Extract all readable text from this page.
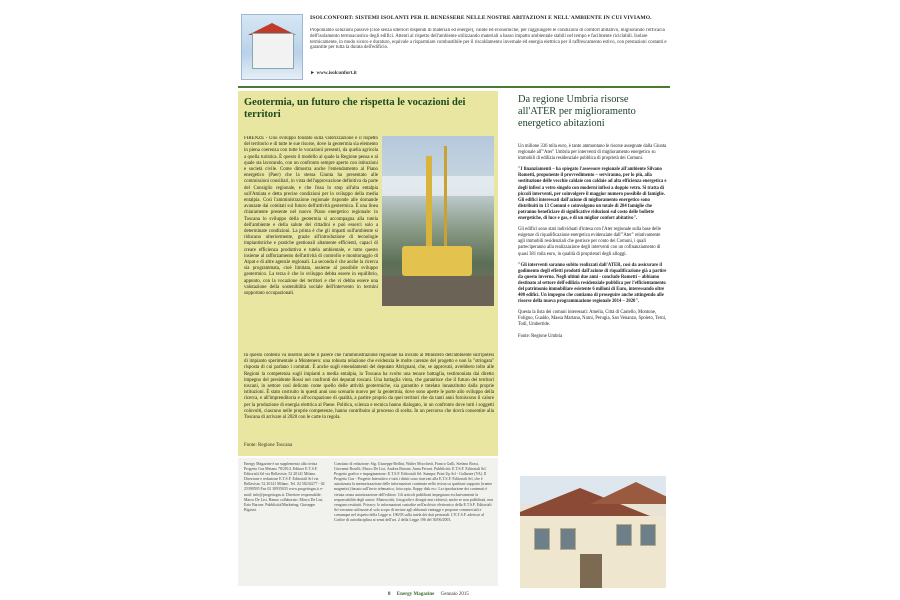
ISOLCONFORT: SISTEMI ISOLANTI PER IL BENESSERE NELLE NOSTRE ABITAZIONI E NELL'AMBIENTE IN CUI VIVIAMO.
Proponiamo soluzioni passive (cioè senza ulteriori dispendi di materiali ed energie), valide ed economiche, per raggiungere le condizioni di comfort abitativo, migliorando l'efficacia dell'isolamento termoacustico degli edifici. Attenti al rispetto dell'ambiente utilizzando materiali a basso impatto ambientale stabili nel tempo e facilmente riciclabili. Isolare termicamente, in modo sicuro e duraturo, equivale a risparmiare combustibile per il riscaldamento invernale ed energia elettrica per il raffrescamento estivo, con prestazioni costanti e garantite per tutta la durata dell'edificio.
► www.isolconfort.it
Geotermia, un futuro che rispetta le vocazioni dei territori
FIRENZE - Uno sviluppo fondato sulla valorizzazione e il rispetto del territorio e di tutte le sue risorse, dove la geotermia sia elemento in piena coerenza con tutte le vocazioni presenti, da quella agricola a quella turistica. È questo il modello al quale la Regione pensa e al quale sta lavorando, con un confronto sempre aperto con istituzioni e società civile. Come dimostra anche l'emendamento al Piano energetico (Paer) che la stessa Giunta ha presentato alle commissioni consiliari, in vista dell'approvazione definitiva da parte del Consiglio regionale, e che fissa lo stop all'alta entalpia sull'Amiata e detta precise condizioni per lo sviluppo della media entalpia. Così l'amministrazione regionale risponde alle domande avanzate dai comitati sul futuro dell'attività geotermica. È una linea chiaramente presente nel nuovo Piano energetico regionale: in Toscana lo sviluppo della geotermia si accompagna alla tutela dell'ambiente e della salute dei cittadini e può esserci solo a determinate condizioni. La prima è che gli impatti sull'ambiente si riducano ulteriormente, grazie all'introduzione di tecnologie impiantistiche e pratiche gestionali altamente efficienti, capaci di creare efficienza produttiva e tutela ambientale, e tutto questo insieme al rafforzamento dell'attività di controllo e monitoraggio di Arpat e di altre agenzie regionali. La seconda è che anche la ricerca sia programmata, cioè limitata, assieme al possibile sviluppo geotermico. La terza è che lo sviluppo debba essere in equilibrio, appunto, con la vocazione dei territori e che vi debba essere una valutazione della sostenibilità sociale dell'intervento in termini sopportato occupazionali.
In questo contesto va inserito anche il parere che l'amministrazione regionale ha inviato al Ministero dell'ambiente sull'ipotesi di impianto sperimentale a Montenero: una robusta relazione che evidenzia le molte carenze del progetto e non la "stringata" risposta di cui parlano i comitati. È anche sugli emendamenti del deputato Abrignani, che, se approvati, avrebbero tolto alle Regioni la competenza sugli impianti a media entalpia, la Toscana ha svolto una tenace battaglia, testimoniata dai diretto impegno del presidente Rossi nei confronti dei deputati toscani. Una battaglia vinta, che garantisce che il futuro dei territori toscani, in settore così delicato come quello delle attività geotermiche, sia garantito e tutelato innanzitutto dalla proprie istituzioni. È stato costruito in questi anni uno scenario nuovo per la geotermia, dove sono aperte le porte allo sviluppo della ricerca, e all'imprenditoria e all'occupazione di qualità, a partire proprio da quei territori che da tanti anni forniscono il calore per la produzione di energia elettrica al Paese. Politica, scienza e tecnica hanno dialogato, in un confronto dove tutti i soggetti coinvolti, ciascuno nelle proprie competenze, hanno contribuito al processo di scelta. In un percorso che dovrà consentire alla Toscana di arrivare al 2020 con le carte in regola.
Fonte: Regione Toscana
Energy Magazine è un supplemento alla rivista Progetto Gas Metano 78/2014. Editore E.T.S.F. Editoriali Srl via Bellaviste, 52 20141 Milano. Direzione e redazione E.T.S.F. Editoriali Srl via Bellaviste, 52 20141 Milano. Tel. 02 58234277 - 02 25390595 Fax 02 30935035 www.progettogas.it e-mail: info@progettogas.it. Direttore responsabile: Marco De Lisi. Hanno collaborato: Marco De Lisi, Ezio Barone. Pubblicità/Marketing: Giuseppe Bigioni.
Comitato di redazione: Sig. Giuseppe Bellini, Walter Mocchetti, Franco Galli, Stefano Rossi, Giovanni Roselli, Marco De Lisi, Andrea Barone, Anna Ferrari. Pubblicità: E.T.S.F. Editoriali Srl. Progetto grafico e impaginazione: E.T.S.F. Editoriali Srl. Stampa: Print Up Srl - Gallarate (VA). Il Progetto Gas - Progetto Interattivo e tutti i diritti sono riservati alla E.T.S.F. Editoriali Srl, che è autorizzata la memorizzazione delle informazioni contenute nella rivista su qualsiasi supporto (tranne magnetici) basato sull'invio telematico, fotocopia, floppy disk ecc. La riproduzione dei contenuti è vietata senza autorizzazione dell'editore. Gli articoli pubblicati impegnano esclusivamente la responsabilità degli autori. Manoscritti, fotografie e disegni non richiesti, anche se non pubblicati, non vengono restituiti. Privacy: le informazioni custodite nell'archivio elettronico della E.T.S.F. Editoriali Srl verranno utilizzate al solo scopo di inviare agli abbonati vantaggi e proposte commerciali e comunque nel rispetto della Legge n. 196/03 sulla tutela dei dati personali. L'E.T.S.F. aderisce al Codice di autodisciplina ai sensi dell'art. 2 della Legge 196 del 30/06/2003.
8 Energy Magazine Gennaio 2015
Da regione Umbria risorse all'ATER per miglioramento energetico abitazioni

Un milione 336 mila euro, è tanto ammontano le risorse assegnate dalla Giunta regionale all'"Ater" Umbria per interventi di miglioramento energetico su immobili di edilizia residenziale pubblica di proprietà dei Comuni.

"I finanziamenti – ha spiegato l'assessore regionale all'ambiente Silvano Rometti, proponente il provvedimento – serviranno, per lo più, alla sostituzione delle vecchie caldaie con caldaie ad alta efficienza energetica e degli infissi a vetro singolo con moderni infissi a doppio vetro. Si tratta di piccoli interventi, per coinvolgere il maggior numero possibile di famiglie. Gli edifici interessati dall'azione di miglioramento energetico sono distribuiti in 13 Comuni e coinvolgono un totale di 284 famiglie che potranno beneficiare di significative riduzioni sul costo delle bollette energetiche, di luce e gas, e di un miglior confort abitativo".

Gli edifici sono stati individuati d'intesa con l'Ater regionale sulla base delle esigenze di riqualificazione energetica evidenziate dall'"Ater" relativamente agli immobili residenziali che gestisce per conto dei Comuni, i quali parteciperanno alla realizzazione degli interventi con un cofinanziamento di quasi 381 mila euro, in qualità di proprietari degli alloggi.

"Gli interventi saranno subito realizzati dall'ATER, così da assicurare il godimento degli effetti prodotti dall'azione di riqualificazione già a partire da questo inverno. Negli ultimi due anni - conclude Rometti – abbiamo destinato al settore dell'edilizia residenziale pubblica per l'efficientamento del patrimonio immobiliare esistente 6 milioni di Euro, interessando oltre 400 edifici. Un impegno che contiamo di proseguire anche attingendo alle risorse della nuova programmazione regionale 2014 – 2020".

Questa la lista dei comuni interessati: Amelia, Città di Castello, Montone, Foligno, Gualdo, Massa Martana, Narni, Perugia, San Venanzo, Spoleto, Terni, Todi, Umbertide.

Fonte: Regione Umbria
